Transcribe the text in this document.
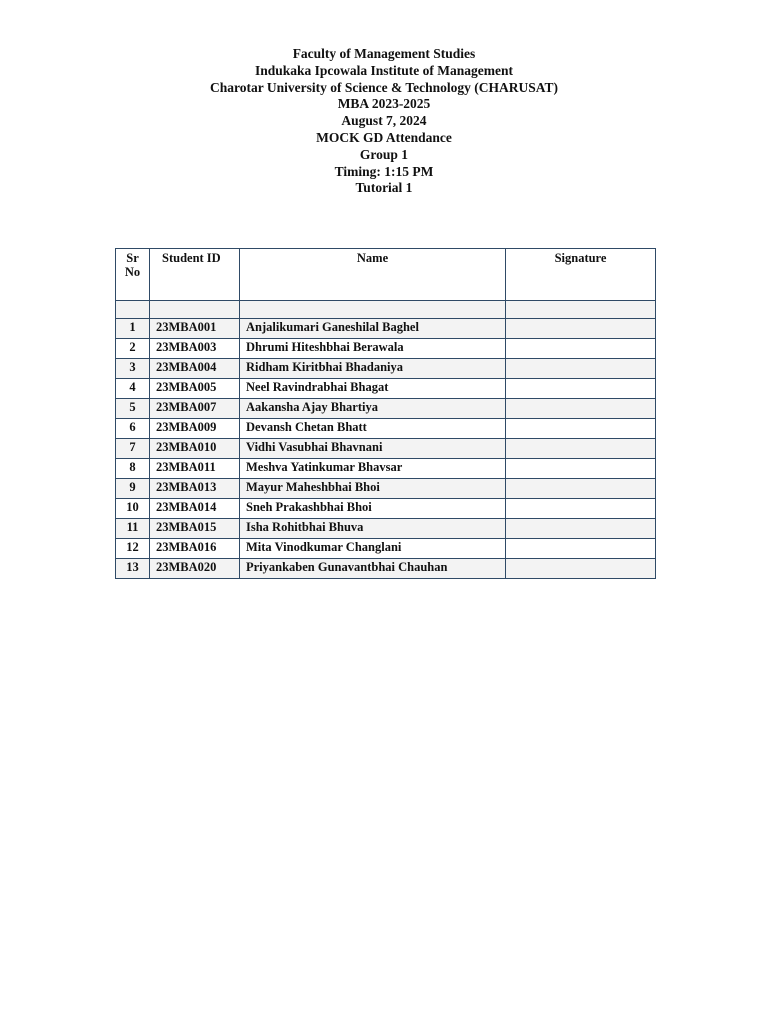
Faculty of Management Studies
Indukaka Ipcowala Institute of Management
Charotar University of Science & Technology (CHARUSAT)
MBA 2023-2025
August 7, 2024
MOCK GD Attendance
Group 1
Timing: 1:15 PM
Tutorial 1
Sr No	Student ID	Name	Signature

1	23MBA001	Anjalikumari Ganeshilal Baghel	
2	23MBA003	Dhrumi Hiteshbhai Berawala	
3	23MBA004	Ridham Kiritbhai Bhadaniya	
4	23MBA005	Neel Ravindrabhai Bhagat	
5	23MBA007	Aakansha Ajay Bhartiya	
6	23MBA009	Devansh Chetan Bhatt	
7	23MBA010	Vidhi Vasubhai Bhavnani	
8	23MBA011	Meshva Yatinkumar Bhavsar	
9	23MBA013	Mayur Maheshbhai Bhoi	
10	23MBA014	Sneh Prakashbhai Bhoi	
11	23MBA015	Isha Rohitbhai Bhuva	
12	23MBA016	Mita Vinodkumar Changlani	
13	23MBA020	Priyankaben Gunavantbhai Chauhan	
